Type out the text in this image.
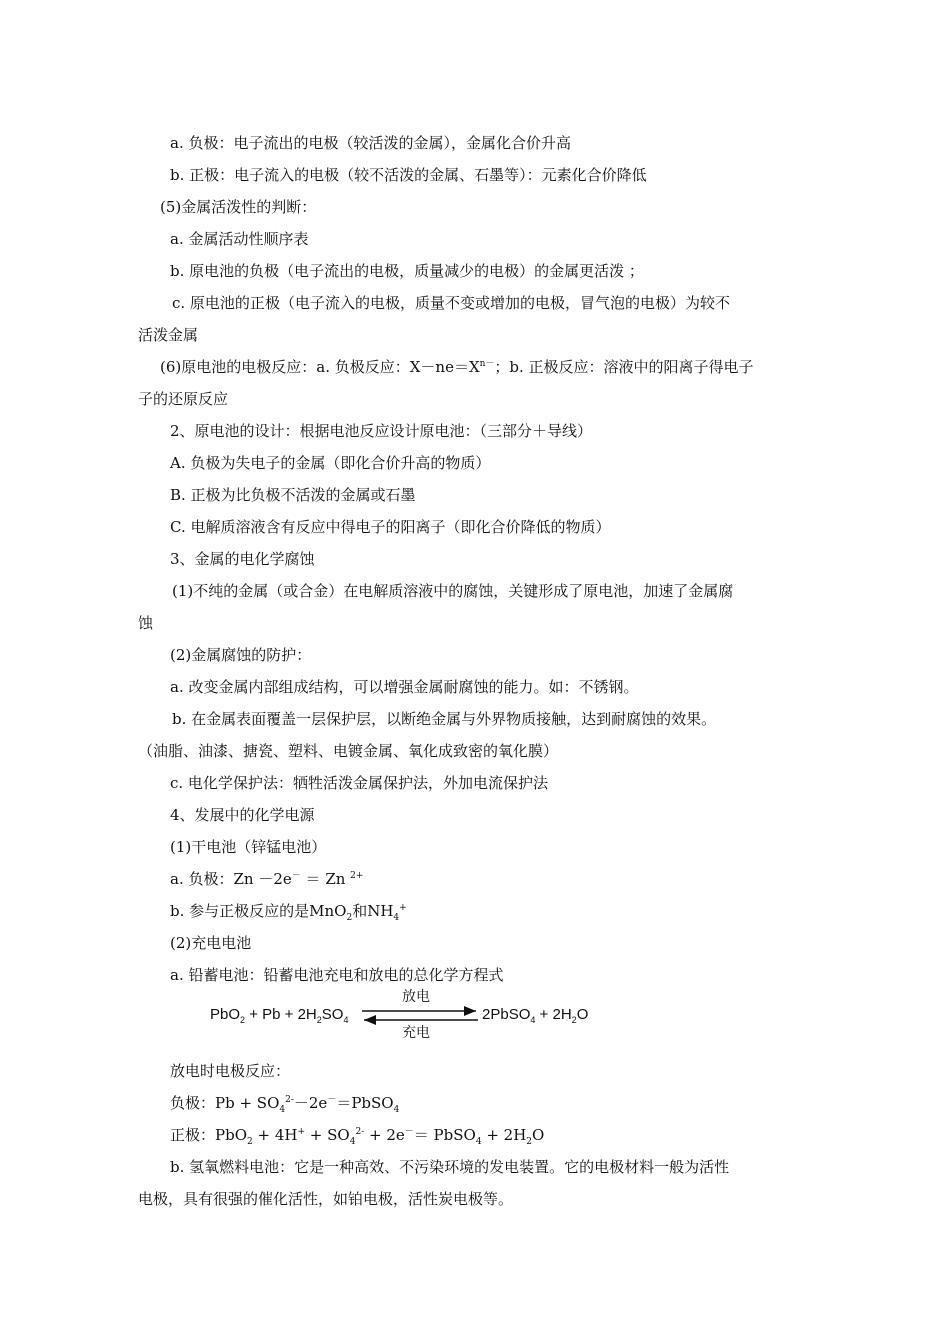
a. 负极：电子流出的电极（较活泼的金属），金属化合价升高
b. 正极：电子流入的电极（较不活泼的金属、石墨等）：元素化合价降低
(5)金属活泼性的判断：
a. 金属活动性顺序表
b. 原电池的负极（电子流出的电极，质量减少的电极）的金属更活泼 ；
c. 原电池的正极（电子流入的电极，质量不变或增加的电极，冒气泡的电极）为较不
活泼金属
(6)原电池的电极反应：a. 负极反应：$X-ne=X^{n-}$；b. 正极反应：溶液中的阳离子得电子
子的还原反应
2、原电池的设计：根据电池反应设计原电池：（三部分＋导线）
A. 负极为失电子的金属（即化合价升高的物质）
B. 正极为比负极不活泼的金属或石墨
C. 电解质溶液含有反应中得电子的阳离子（即化合价降低的物质）
3、金属的电化学腐蚀
(1)不纯的金属（或合金）在电解质溶液中的腐蚀，关键形成了原电池，加速了金属腐
蚀
(2)金属腐蚀的防护：
a. 改变金属内部组成结构，可以增强金属耐腐蚀的能力。如：不锈钢。
b. 在金属表面覆盖一层保护层，以断绝金属与外界物质接触，达到耐腐蚀的效果。
（油脂、油漆、搪瓷、塑料、电镀金属、氧化成致密的氧化膜）
c. 电化学保护法：牺牲活泼金属保护法，外加电流保护法
4、发展中的化学电源
(1)干电池（锌锰电池）
a. 负极：Zn －2e－ ＝ Zn $^{2+}$
b. 参与正极反应的是MnO$_2$和$NH_4^+$
(2)充电电池
a. 铅蓄电池：铅蓄电池充电和放电的总化学方程式
$PbO_2 + Pb + 2H_2SO_4$
放电
充电
2PbSO$_4$ + $2H_2O$
放电时电极反应：
负极：$Pb + SO_4^{2-}-2e^-=PbSO_4$
正极：$PbO_2 + 4H^+ + SO_4^{2-} + 2e^-=$ PbSO$_4$ + $2H_2O$
b. 氢氧燃料电池：它是一种高效、不污染环境的发电装置。它的电极材料一般为活性
电极，具有很强的催化活性，如铂电极，活性炭电极等。
